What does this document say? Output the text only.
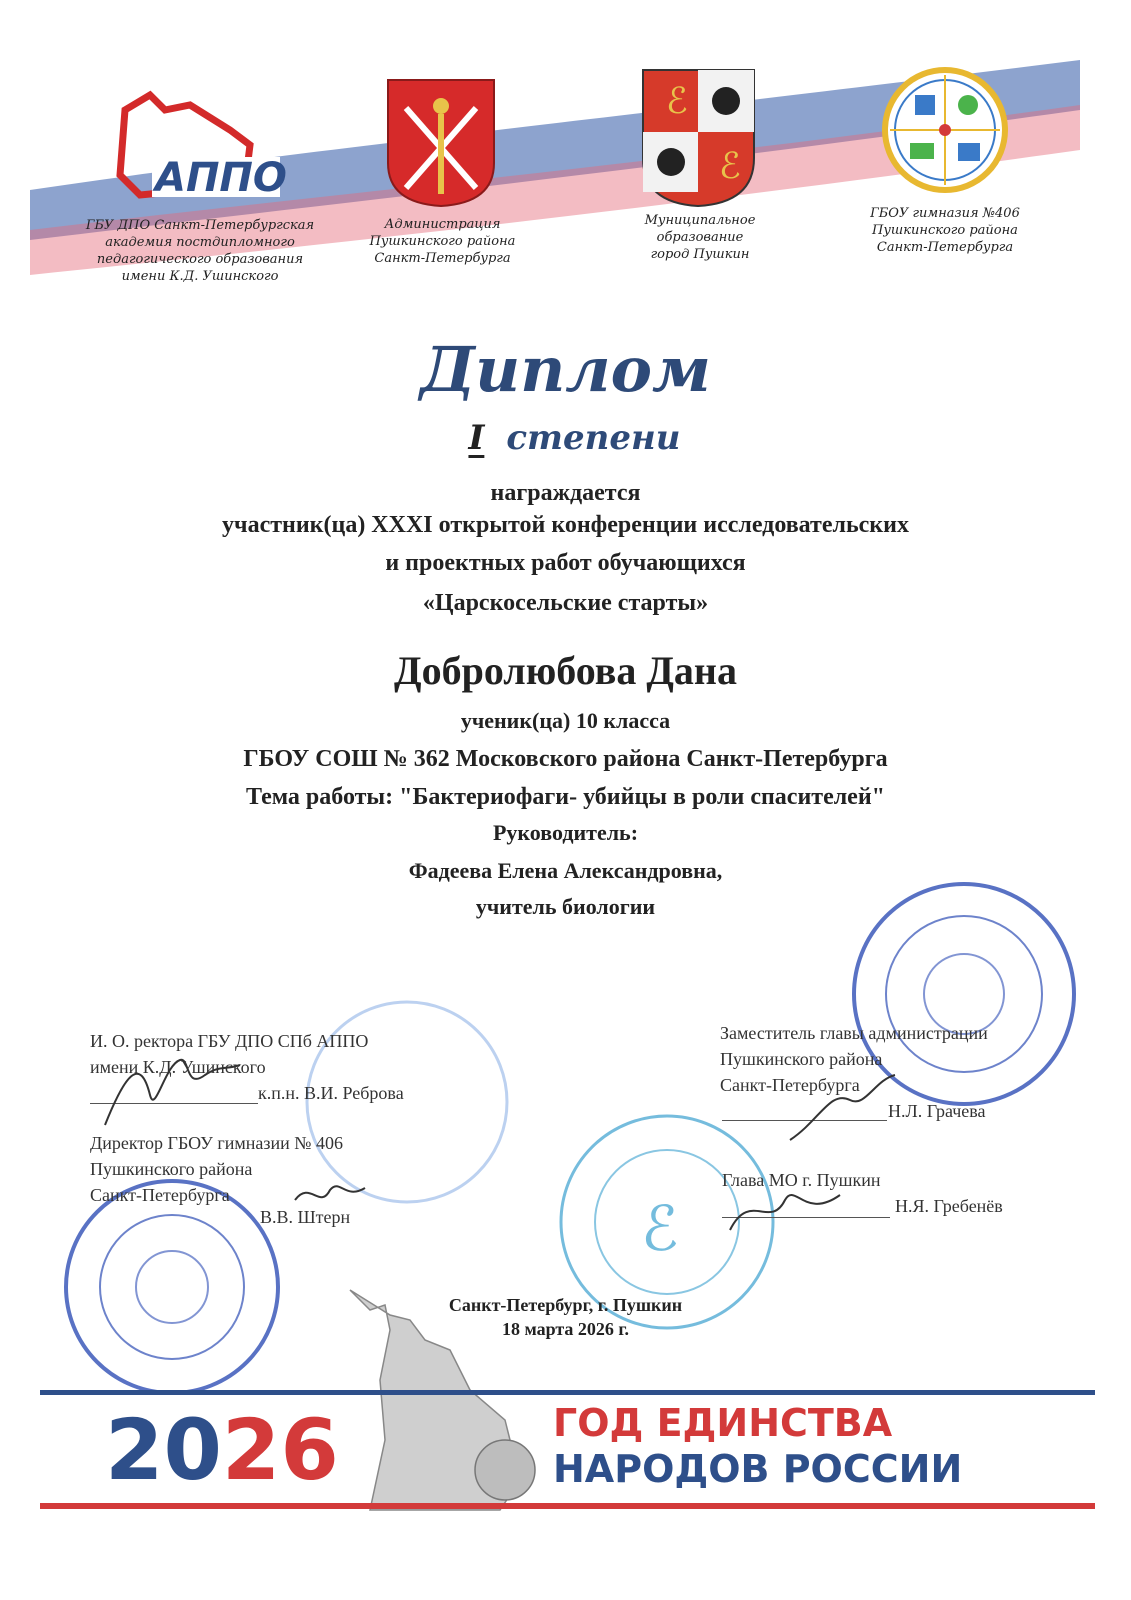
АППО
ГБУ ДПО Санкт-Петербургская
академия постдипломного
педагогического образования
имени К.Д. Ушинского
Администрация
Пушкинского района
Санкт-Петербурга
ℰ
ℰ
Муниципальное
образование
город Пушкин
ГБОУ гимназия №406
Пушкинского района
Санкт-Петербурга
Диплом
I степени
награждается
участник(ца) XXXI открытой конференции исследовательских
и проектных работ обучающихся
«Царскосельские старты»
Добролюбова Дана
ученик(ца) 10 класса
ГБОУ СОШ № 362 Московского района Санкт-Петербурга
Тема работы: "Бактериофаги- убийцы в роли спасителей"
Руководитель:
Фадеева Елена Александровна,
учитель биологии
ℰ
И. О. ректора ГБУ ДПО СПб АППО
имени К.Д. Ушинского
к.п.н. В.И. Реброва
Директор ГБОУ гимназии № 406
Пушкинского района
Санкт-Петербурга
В.В. Штерн
Заместитель главы администрации
Пушкинского района
Санкт-Петербурга
Н.Л. Грачева
Глава МО г. Пушкин
Н.Я. Гребенёв
Санкт-Петербург, г. Пушкин
18 марта 2026 г.
2026	ГОД ЕДИНСТВА
НАРОДОВ РОССИИ
